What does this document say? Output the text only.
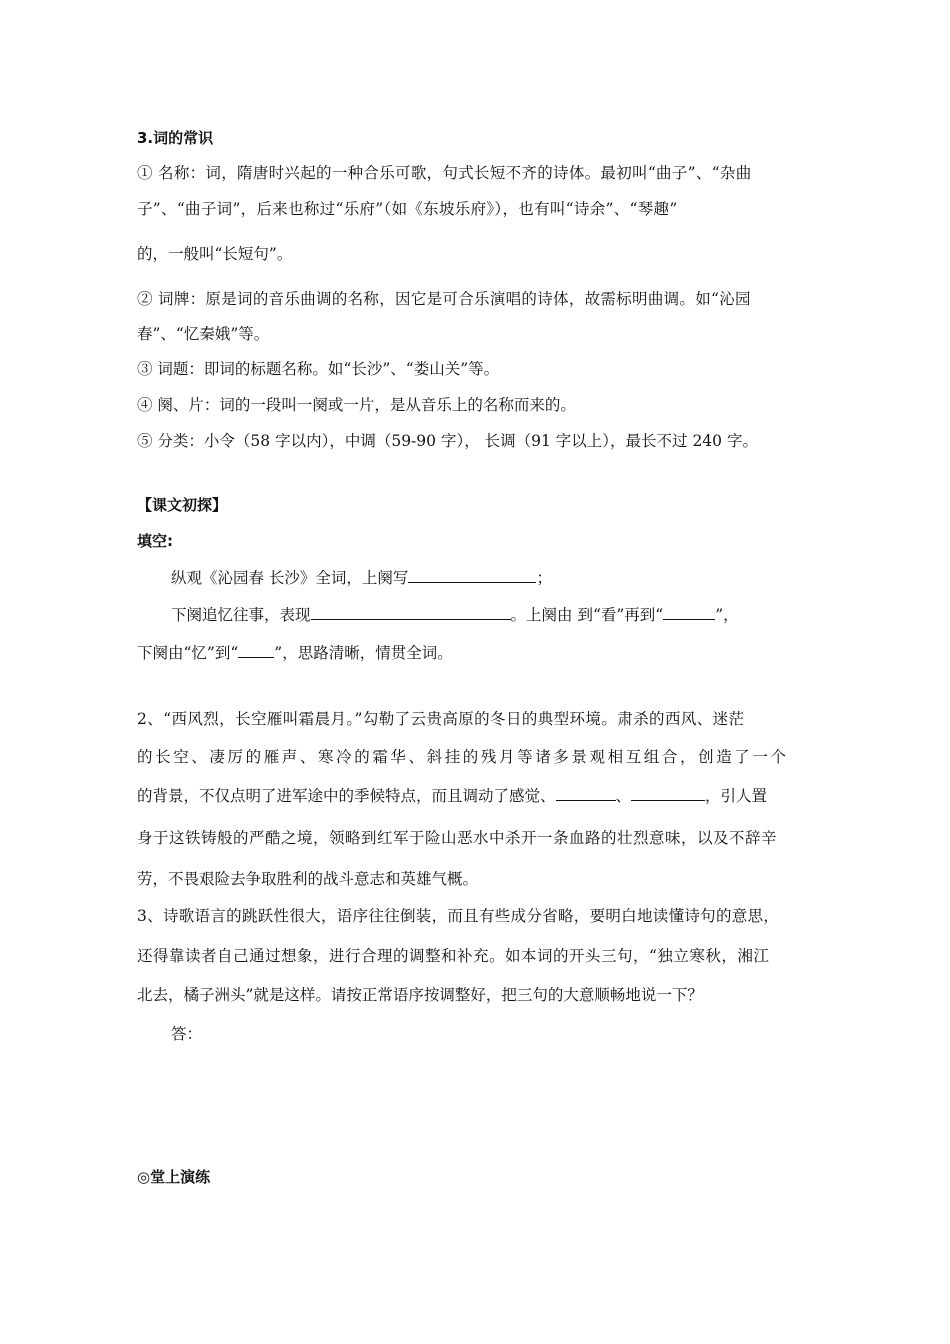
3.词的常识
① 名称：词，隋唐时兴起的一种合乐可歌，句式长短不齐的诗体。最初叫“曲子”、“杂曲
子”、“曲子词”，后来也称过“乐府”（如《东坡乐府》），也有叫“诗余”、“琴趣”
的，一般叫“长短句”。
② 词牌：原是词的音乐曲调的名称，因它是可合乐演唱的诗体，故需标明曲调。如“沁园
春”、“忆秦娥”等。
③ 词题：即词的标题名称。如“长沙”、“娄山关”等。
④ 阕、片：词的一段叫一阕或一片，是从音乐上的名称而来的。
⑤ 分类：小令（58 字以内），中调（59-90 字）， 长调（91 字以上），最长不过 240 字。
【课文初探】
填空:
纵观《沁园春 长沙》全词，上阕写	；
下阕追忆往事，表现	。上阕由 到“看”再到“	”，
下阕由“忆”到“ ”，思路清晰，情贯全词。
2、“西风烈，长空雁叫霜晨月。”勾勒了云贵高原的冬日的典型环境。肃杀的西风、迷茫
的长空、凄厉的雁声、寒冷的霜华、斜挂的残月等诸多景观相互组合，创造了一个
的背景，不仅点明了进军途中的季候特点，而且调动了感觉、	、	，引人置
身于这铁铸般的严酷之境，领略到红军于险山恶水中杀开一条血路的壮烈意味，以及不辞辛
劳，不畏艰险去争取胜利的战斗意志和英雄气概。
3、诗歌语言的跳跃性很大，语序往往倒装，而且有些成分省略，要明白地读懂诗句的意思，
还得靠读者自己通过想象，进行合理的调整和补充。如本词的开头三句，“独立寒秋，湘江
北去，橘子洲头”就是这样。请按正常语序按调整好，把三句的大意顺畅地说一下？
答：
◎堂上演练
